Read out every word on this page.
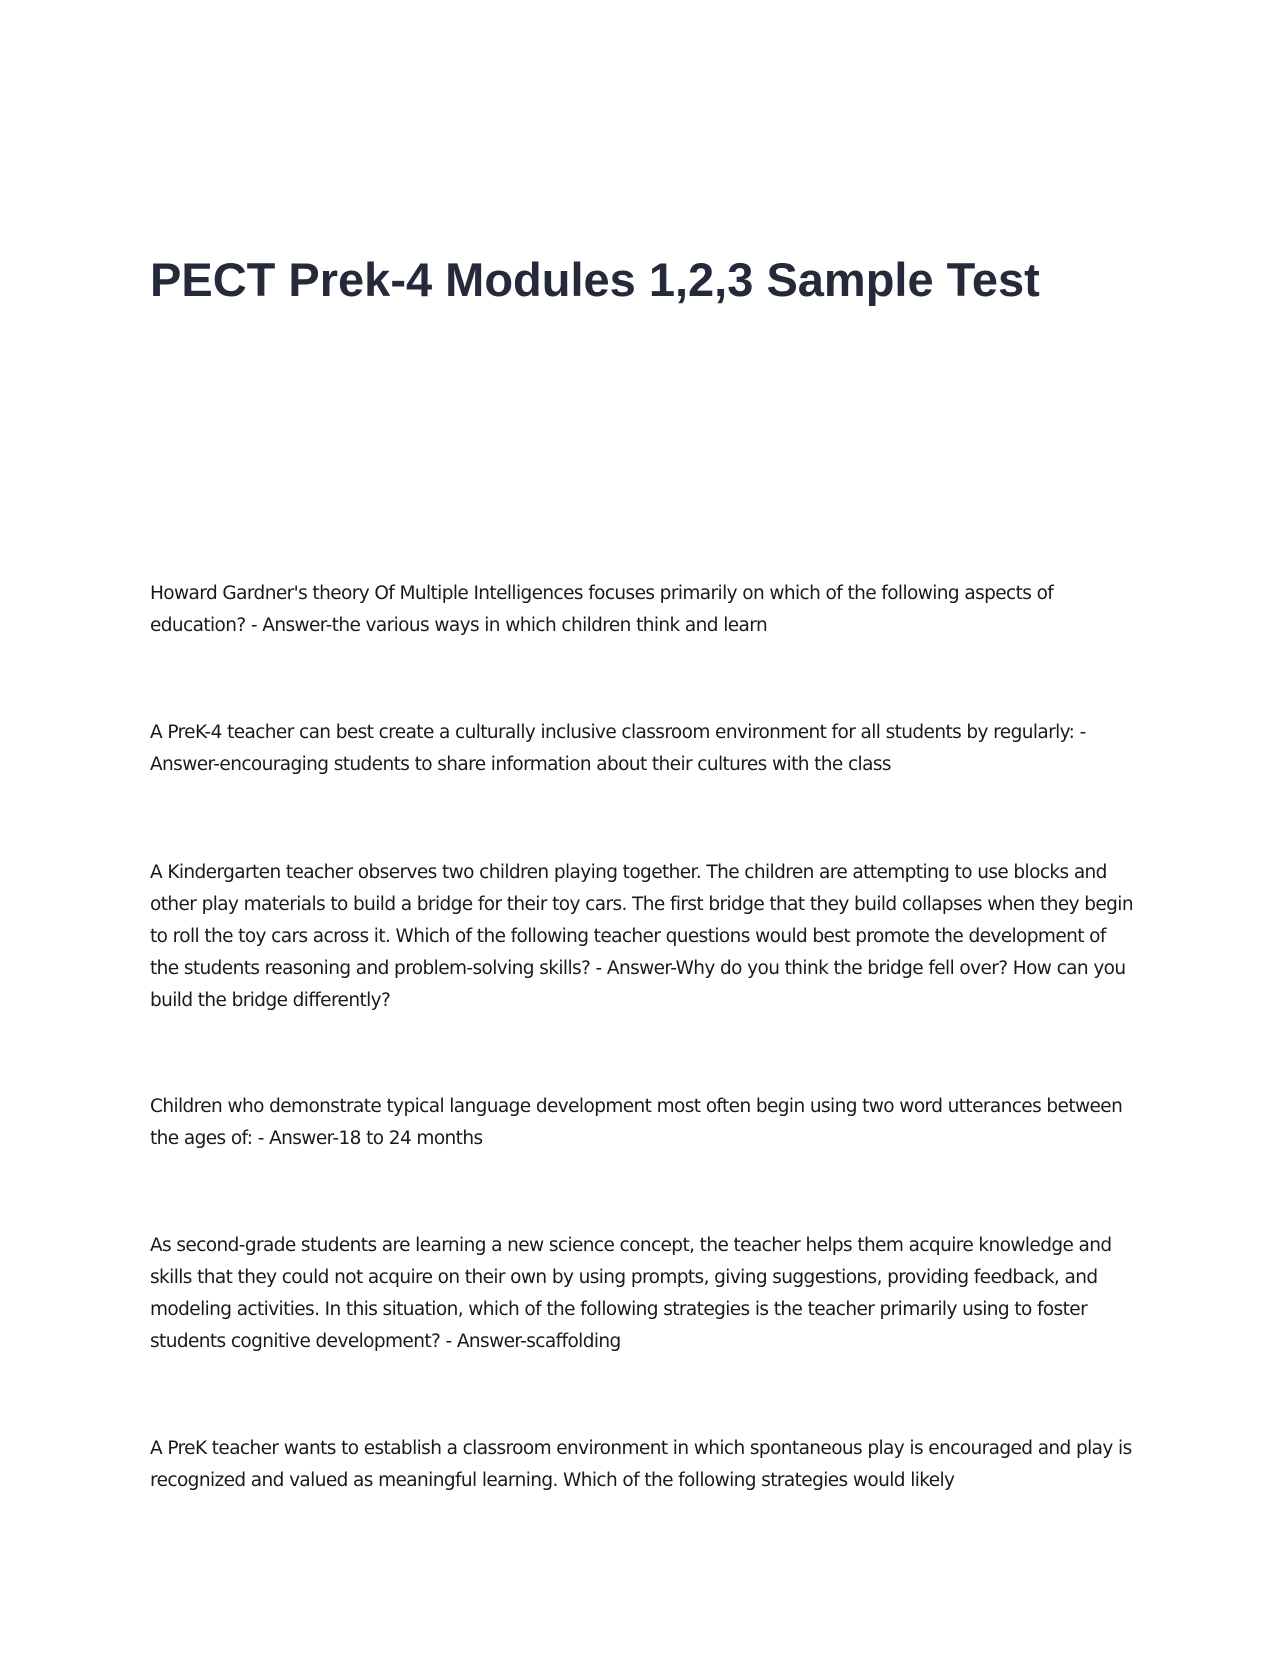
PECT Prek-4 Modules 1,2,3 Sample Test

Howard Gardner's theory Of Multiple Intelligences focuses primarily on which of the following aspects of education? - Answer-the various ways in which children think and learn

A PreK-4 teacher can best create a culturally inclusive classroom environment for all students by regularly: - Answer-encouraging students to share information about their cultures with the class

A Kindergarten teacher observes two children playing together. The children are attempting to use blocks and other play materials to build a bridge for their toy cars. The first bridge that they build collapses when they begin to roll the toy cars across it. Which of the following teacher questions would best promote the development of the students reasoning and problem-solving skills? - Answer-Why do you think the bridge fell over? How can you build the bridge differently?

Children who demonstrate typical language development most often begin using two word utterances between the ages of: - Answer-18 to 24 months

As second-grade students are learning a new science concept, the teacher helps them acquire knowledge and skills that they could not acquire on their own by using prompts, giving suggestions, providing feedback, and modeling activities. In this situation, which of the following strategies is the teacher primarily using to foster students cognitive development? - Answer-scaffolding

A PreK teacher wants to establish a classroom environment in which spontaneous play is encouraged and play is recognized and valued as meaningful learning. Which of the following strategies would likely
